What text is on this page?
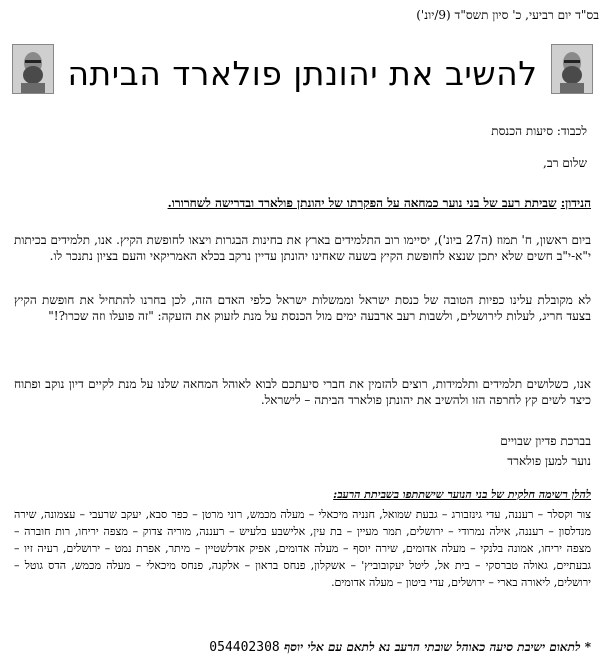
בס"ד יום רביעי, כ' סיון תשס"ד (9/יונ')
להשיב את יהונתן פולארד הביתה
לכבוד: סיעות הכנסת
שלום רב,
הנידון: שביתת רעב של בני נוער כמחאה על הפקרתו של יהונתן פולארד ובדרישה לשחרורו.
ביום ראשון, ח' תמוז (ה27 ביונ'), יסיימו רוב התלמידים בארץ את בחינות הבגרות ויצאו לחופשת הקיץ. אנו, תלמידים בכיתות י"א-י"ב חשים שלא יתכן שנצא לחופשת הקיץ בשעה שאחינו יהונתן עדיין נרקב בכלא האמריקאי והעם בציון נתנכר לו.
לא מקובלת עלינו כפיות הטובה של כנסת ישראל וממשלות ישראל כלפי האדם הזה, לכן בחרנו להתחיל את חופשת הקיץ בצעד חריג, לעלות לירושלים, ולשבות רעב ארבעה ימים מול הכנסת על מנת לזעוק את הזעקה: "זה פועלו וזה שכרו?!"
אנו, כשלושים תלמידים ותלמידות, רוצים להזמין את חברי סיעתכם לבוא לאוהל המחאה שלנו על מנת לקיים דיון נוקב ופתוח כיצד לשים קץ לחרפה הזו ולהשיב את יהונתן פולארד הביתה – לישראל.
בברכת פדיון שבויים
נוער למען פולארד
להלן רשימה חלקית של בני הנוער שישתתפו בשביתת הרעב:
צור וקסלר – רעננה, עדי גינזבורג – גבעת שמואל, חנניה מיכאלי – מעלה מכמש, רוני מרטן – כפר סבא, יעקב שרעבי – עצמונה, שירה מנדלסון – רעננה, אילה נמרודי – ירושלים, תמר מעיין – בת עין, אלישבע בלעיש – רעננה, מוריה צדוק – מצפה יריחו, רות חוברה – מצפה יריחו, אמונה בלנקי – מעלה אדומים, שירה יוסף – מעלה אדומים, אפיק אדלשטיין – מיתר, אפרת נמט – ירושלים, רעיה זיו – גבעתיים, גאולה טברסקי – בית אל, ליטל יעקובוביץ' – אשקלון, פנחס בראון – אלקנה, פנחס מיכאלי – מעלה מכמש, הדס גוטל – ירושלים, ליאורה בארי – ירושלים, עדי ביטון – מעלה אדומים.
* לתאום ישיבת סיעה כאוהל שובתי הרעב נא לתאם עם אלי יוסף 054402308
